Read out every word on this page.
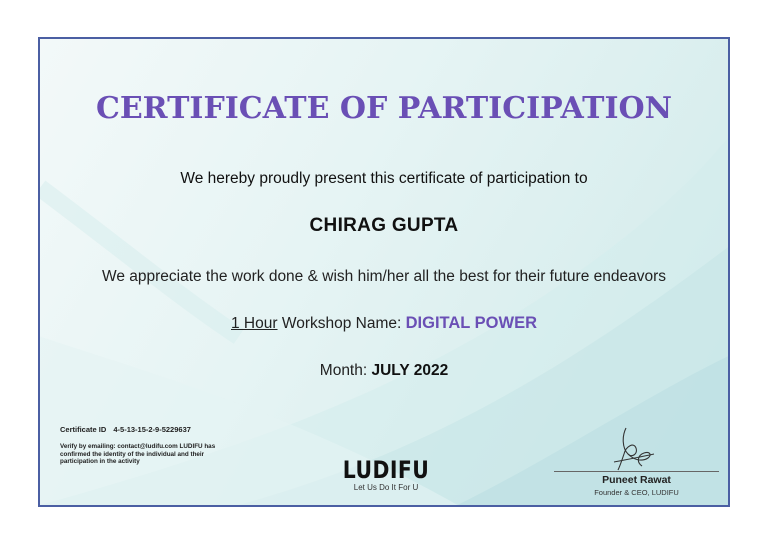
CERTIFICATE OF PARTICIPATION
We hereby proudly present this certificate of participation to
CHIRAG GUPTA
We appreciate the work done & wish him/her all the best for their future endeavors
1 Hour Workshop Name: DIGITAL POWER
Month: JULY 2022
Certificate ID 4-5-13-15-2-9-5229637
Verify by emailing: contact@ludifu.com LUDIFU has confirmed the identity of the individual and their participation in the activity	LUDIFU
Let Us Do It For U
Puneet Rawat
Founder & CEO, LUDIFU
